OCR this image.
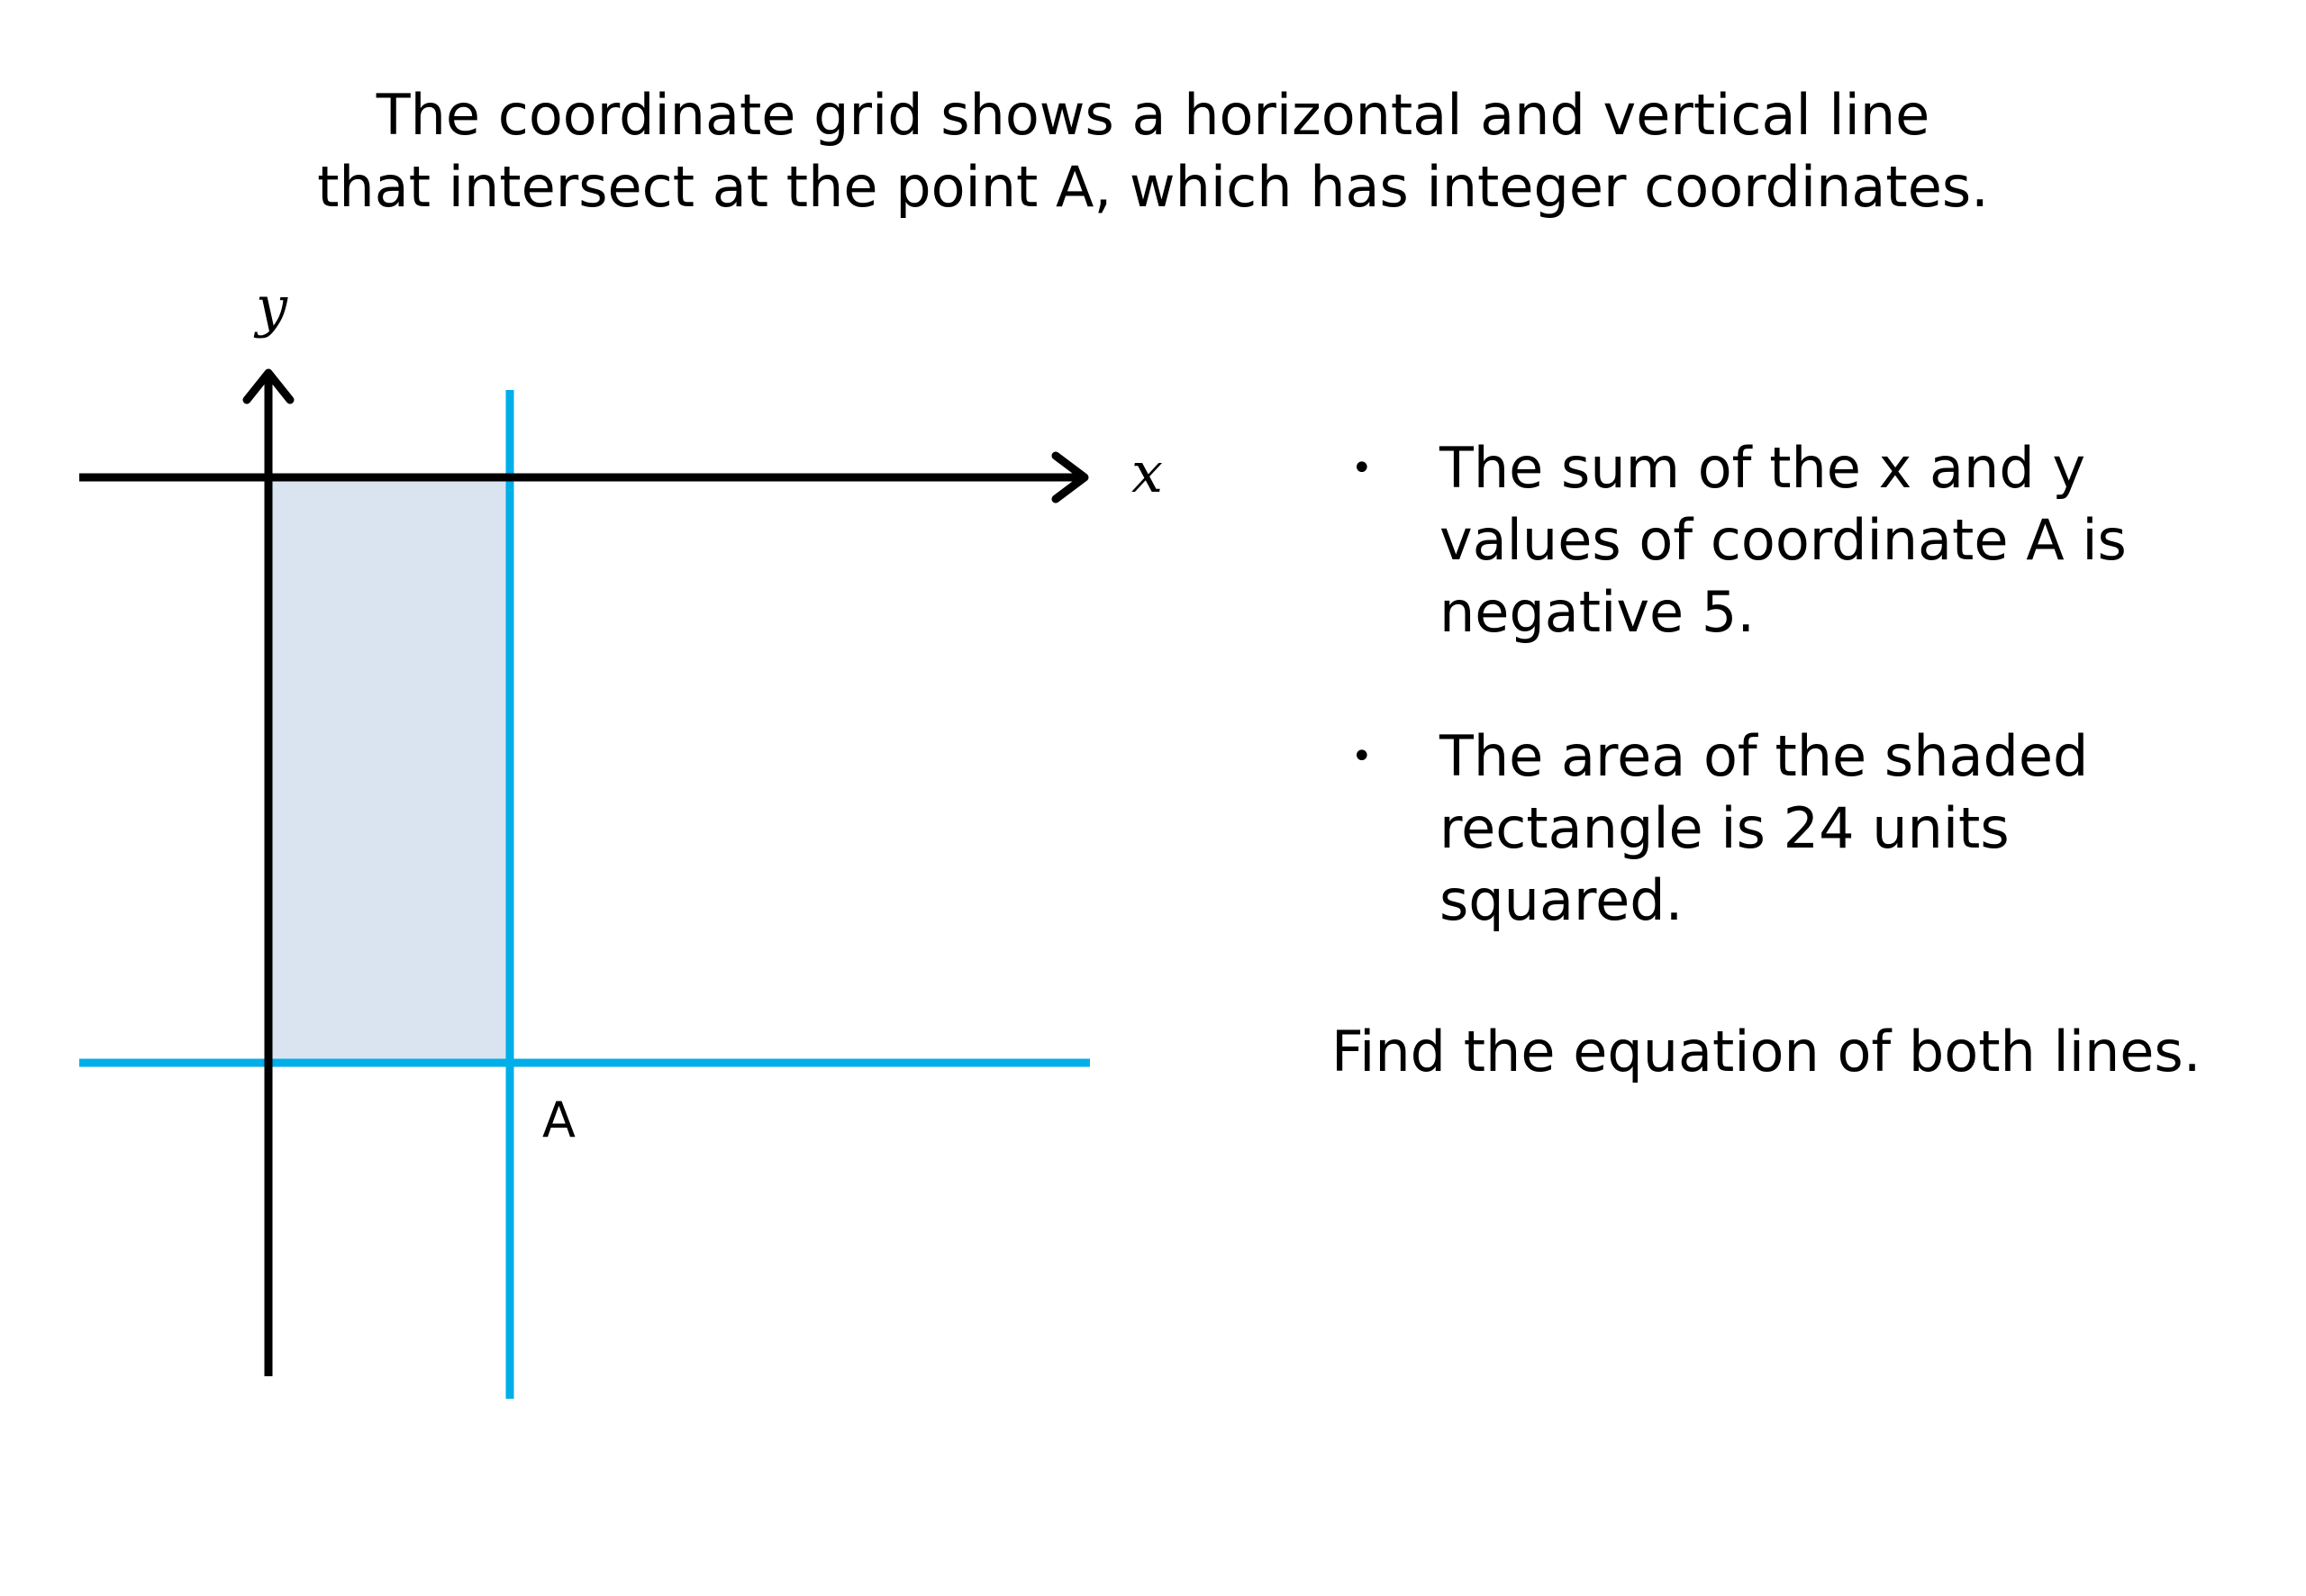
The coordinate grid shows a horizontal and vertical line
that intersect at the point A, which has integer coordinates.
y
x
A
• The sum of the x and y values of coordinate A is negative 5.
• The area of the shaded rectangle is 24 units squared.
Find the equation of both lines.
